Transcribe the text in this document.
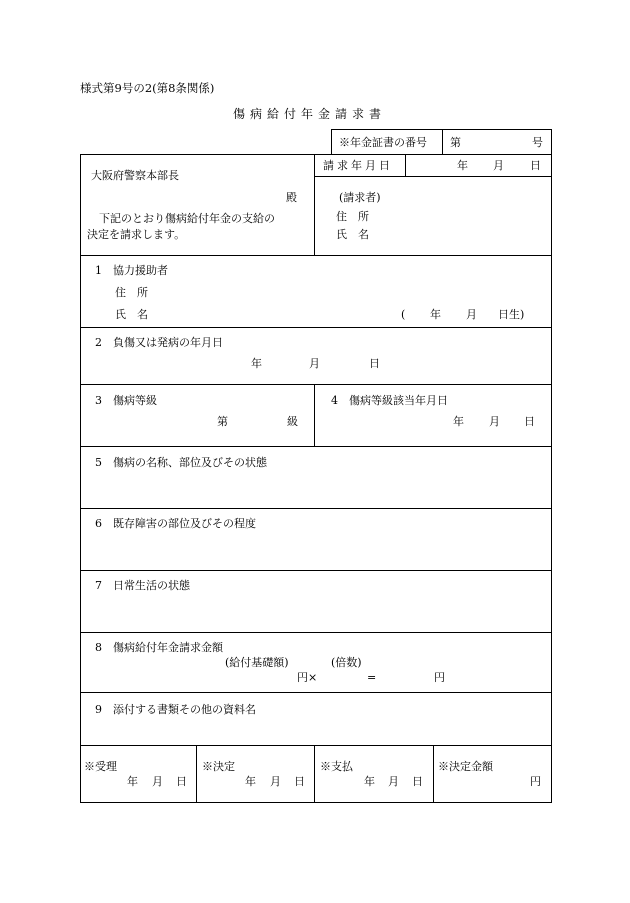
様式第9号の2(第8条関係)
傷病給付年金請求書
※年金証書の番号 第	号
請求年月日	年 月 日
大阪府警察本部長
殿
下記のとおり傷病給付年金の支給の
決定を請求します。
(請求者)
住　所
氏　名
1　協力援助者
住　所
氏　名	( 年 月 日生)
2　負傷又は発病の年月日
年	月	日
3　傷病等級
第	級
4　傷病等級該当年月日
年 月 日
5　傷病の名称、部位及びその状態
6　既存障害の部位及びその程度
7　日常生活の状態
8　傷病給付年金請求金額
(給付基礎額)	(倍数)
円×	=	円
9　添付する書類その他の資料名
※受理
年 月 日
※決定
年 月 日
※支払
年 月 日
※決定金額
円
